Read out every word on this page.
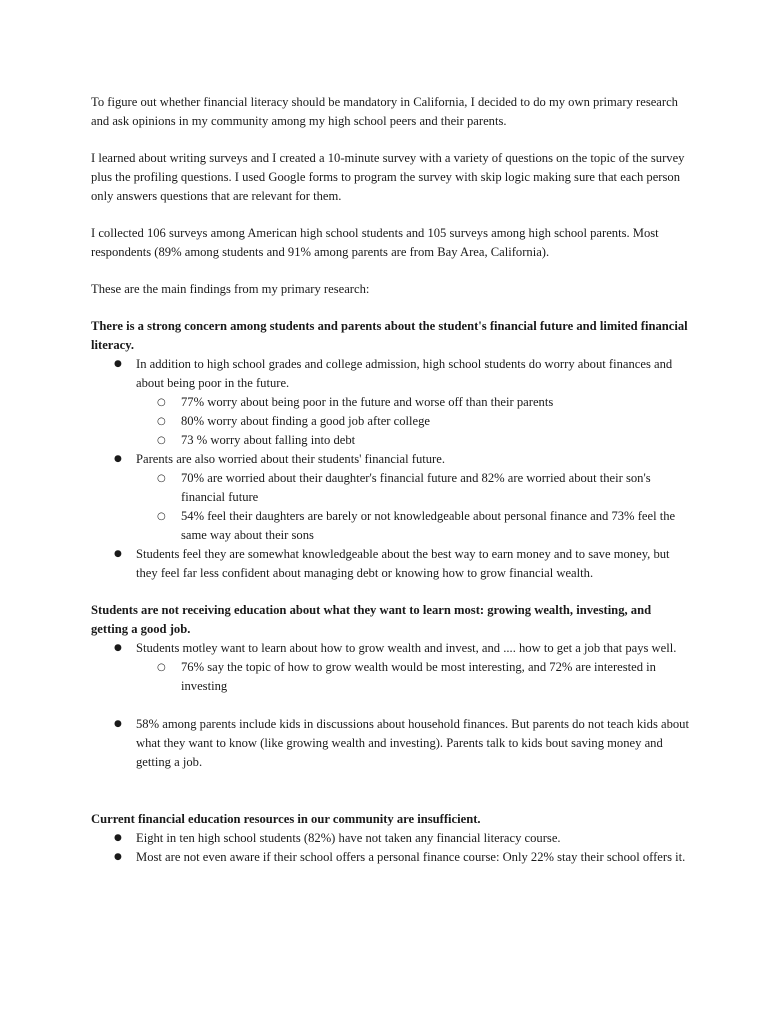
To figure out whether financial literacy should be mandatory in California, I decided to do my own primary research and ask opinions in my community among my high school peers and their parents.

I learned about writing surveys and I created a 10-minute survey with a variety of questions on the topic of the survey plus the profiling questions. I used Google forms to program the survey with skip logic making sure that each person only answers questions that are relevant for them.

I collected 106 surveys among American high school students and 105 surveys among high school parents. Most respondents (89% among students and 91% among parents are from Bay Area, California).

These are the main findings from my primary research:

There is a strong concern among students and parents about the student's financial future and limited financial literacy.

● In addition to high school grades and college admission, high school students do worry about finances and about being poor in the future.
○ 77% worry about being poor in the future and worse off than their parents
○ 80% worry about finding a good job after college
○ 73 % worry about falling into debt
● Parents are also worried about their students' financial future.
○ 70% are worried about their daughter's financial future and 82% are worried about their son's financial future
○ 54% feel their daughters are barely or not knowledgeable about personal finance and 73% feel the same way about their sons
● Students feel they are somewhat knowledgeable about the best way to earn money and to save money, but they feel far less confident about managing debt or knowing how to grow financial wealth.

Students are not receiving education about what they want to learn most: growing wealth, investing, and getting a good job.

● Students motley want to learn about how to grow wealth and invest, and .... how to get a job that pays well.
○ 76% say the topic of how to grow wealth would be most interesting, and 72% are interested in investing
● 58% among parents include kids in discussions about household finances. But parents do not teach kids about what they want to know (like growing wealth and investing). Parents talk to kids bout saving money and getting a job.

Current financial education resources in our community are insufficient.

● Eight in ten high school students (82%) have not taken any financial literacy course.
● Most are not even aware if their school offers a personal finance course: Only 22% stay their school offers it.
